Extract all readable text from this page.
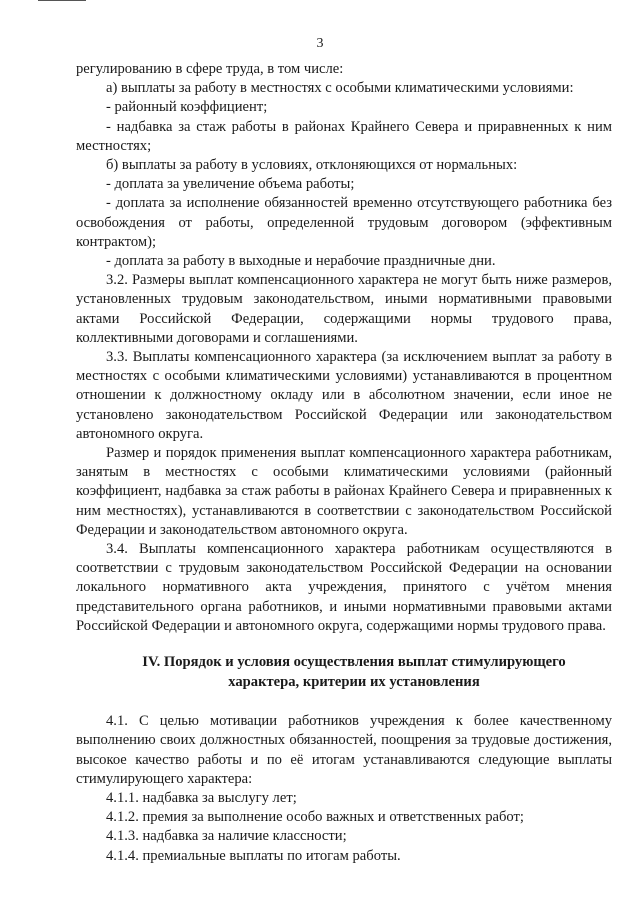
3

регулированию в сфере труда, в том числе:

а) выплаты за работу в местностях с особыми климатическими условиями:

- районный коэффициент;

- надбавка за стаж работы в районах Крайнего Севера и приравненных к ним местностях;

б) выплаты за работу в условиях, отклоняющихся от нормальных:

- доплата за увеличение объема работы;

- доплата за исполнение обязанностей временно отсутствующего работника без освобождения от работы, определенной трудовым договором (эффективным контрактом);

- доплата за работу в выходные и нерабочие праздничные дни.

3.2. Размеры выплат компенсационного характера не могут быть ниже размеров, установленных трудовым законодательством, иными нормативными правовыми актами Российской Федерации, содержащими нормы трудового права, коллективными договорами и соглашениями.

3.3. Выплаты компенсационного характера (за исключением выплат за работу в местностях с особыми климатическими условиями) устанавливаются в процентном отношении к должностному окладу или в абсолютном значении, если иное не установлено законодательством Российской Федерации или законодательством автономного округа.

Размер и порядок применения выплат компенсационного характера работникам, занятым в местностях с особыми климатическими условиями (районный коэффициент, надбавка за стаж работы в районах Крайнего Севера и приравненных к ним местностях), устанавливаются в соответствии с законодательством Российской Федерации и законодательством автономного округа.

3.4. Выплаты компенсационного характера работникам осуществляются в соответствии с трудовым законодательством Российской Федерации на основании локального нормативного акта учреждения, принятого с учётом мнения представительного органа работников, и иными нормативными правовыми актами Российской Федерации и автономного округа, содержащими нормы трудового права.

IV. Порядок и условия осуществления выплат стимулирующего

характера, критерии их установления

4.1. С целью мотивации работников учреждения к более качественному выполнению своих должностных обязанностей, поощрения за трудовые достижения, высокое качество работы и по её итогам устанавливаются следующие выплаты стимулирующего характера:

4.1.1. надбавка за выслугу лет;

4.1.2. премия за выполнение особо важных и ответственных работ;

4.1.3. надбавка за наличие классности;

4.1.4. премиальные выплаты по итогам работы.
